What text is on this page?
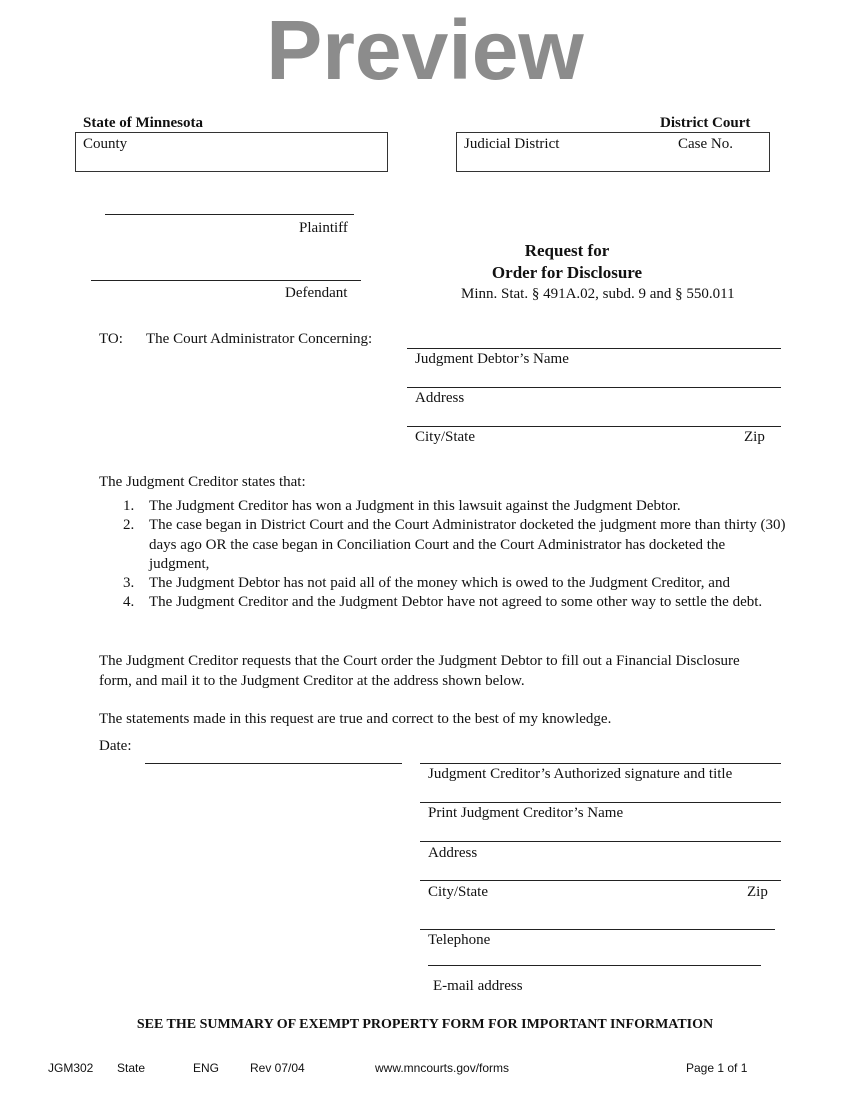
Preview
State of Minnesota	District Court
County	Judicial District	Case No.
Plaintiff
Defendant
Request for
Order for Disclosure
Minn. Stat. § 491A.02, subd. 9 and § 550.011
TO: The Court Administrator Concerning:
Judgment Debtor’s Name
Address
City/State	Zip
The Judgment Creditor states that:
1. The Judgment Creditor has won a Judgment in this lawsuit against the Judgment Debtor.
2. The case began in District Court and the Court Administrator docketed the judgment more than thirty (30) days ago OR the case began in Conciliation Court and the Court Administrator has docketed the judgment,
3. The Judgment Debtor has not paid all of the money which is owed to the Judgment Creditor, and
4. The Judgment Creditor and the Judgment Debtor have not agreed to some other way to settle the debt.
The Judgment Creditor requests that the Court order the Judgment Debtor to fill out a Financial Disclosure form, and mail it to the Judgment Creditor at the address shown below.
The statements made in this request are true and correct to the best of my knowledge.
Date:
Judgment Creditor’s Authorized signature and title
Print Judgment Creditor’s Name
Address
City/State	Zip
Telephone
E-mail address
SEE THE SUMMARY OF EXEMPT PROPERTY FORM FOR IMPORTANT INFORMATION
JGM302 State	ENG	Rev 07/04	www.mncourts.gov/forms	Page 1 of 1
